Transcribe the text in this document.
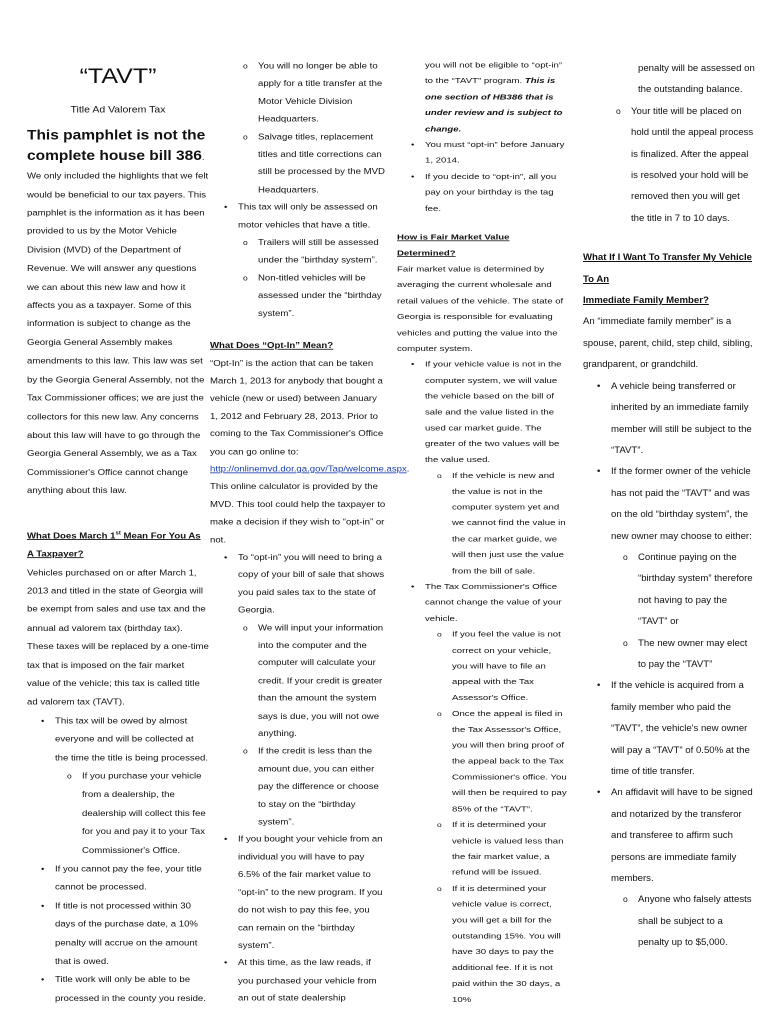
“TAVT”

Title Ad Valorem Tax

This pamphlet is not the complete house bill 386. We only included the highlights that we felt would be beneficial to our tax payers. This pamphlet is the information as it has been provided to us by the Motor Vehicle Division (MVD) of the Department of Revenue. We will answer any questions we can about this new law and how it affects you as a taxpayer. Some of this information is subject to change as the Georgia General Assembly makes amendments to this law. This law was set by the Georgia General Assembly, not the Tax Commissioner offices; we are just the collectors for this new law. Any concerns about this law will have to go through the Georgia General Assembly, we as a Tax Commissioner's Office cannot change anything about this law.

What Does March 1st Mean For You As A Taxpayer?

Vehicles purchased on or after March 1, 2013 and titled in the state of Georgia will be exempt from sales and use tax and the annual ad valorem tax (birthday tax). These taxes will be replaced by a one-time tax that is imposed on the fair market value of the vehicle; this tax is called title ad valorem tax (TAVT).

• This tax will be owed by almost everyone and will be collected at the time the title is being processed.

o If you purchase your vehicle from a dealership, the dealership will collect this fee for you and pay it to your Tax Commissioner's Office.

• If you cannot pay the fee, your title cannot be processed.

• If title is not processed within 30 days of the purchase date, a 10% penalty will accrue on the amount that is owed.

• Title work will only be able to be processed in the county you reside.

o You will no longer be able to apply for a title transfer at the Motor Vehicle Division Headquarters.

o Salvage titles, replacement titles and title corrections can still be processed by the MVD Headquarters.

• This tax will only be assessed on motor vehicles that have a title.

o Trailers will still be assessed under the “birthday system”.

o Non-titled vehicles will be assessed under the “birthday system”.

What Does “Opt-In” Mean?

“Opt-In” is the action that can be taken March 1, 2013 for anybody that bought a vehicle (new or used) between January 1, 2012 and February 28, 2013. Prior to coming to the Tax Commissioner's Office you can go online to: http://onlinemvd.dor.ga.gov/Tap/welcome.aspx. This online calculator is provided by the MVD. This tool could help the taxpayer to make a decision if they wish to “opt-in” or not.

• To “opt-in” you will need to bring a copy of your bill of sale that shows you paid sales tax to the state of Georgia.

o We will input your information into the computer and the computer will calculate your credit. If your credit is greater than the amount the system says is due, you will not owe anything.

o If the credit is less than the amount due, you can either pay the difference or choose to stay on the “birthday system”.

• If you bought your vehicle from an individual you will have to pay 6.5% of the fair market value to “opt-in” to the new program. If you do not wish to pay this fee, you can remain on the “birthday system”.

• At this time, as the law reads, if you purchased your vehicle from an out of state dealership

you will not be eligible to “opt-in” to the “TAVT” program. This is one section of HB386 that is under review and is subject to change.

• You must “opt-in” before January 1, 2014.

• If you decide to “opt-in”, all you pay on your birthday is the tag fee.

How is Fair Market Value Determined?

Fair market value is determined by averaging the current wholesale and retail values of the vehicle. The state of Georgia is responsible for evaluating vehicles and putting the value into the computer system.

• If your vehicle value is not in the computer system, we will value the vehicle based on the bill of sale and the value listed in the used car market guide. The greater of the two values will be the value used.

o If the vehicle is new and the value is not in the computer system yet and we cannot find the value in the car market guide, we will then just use the value from the bill of sale.

• The Tax Commissioner's Office cannot change the value of your vehicle.

o If you feel the value is not correct on your vehicle, you will have to file an appeal with the Tax Assessor's Office.

o Once the appeal is filed in the Tax Assessor's Office, you will then bring proof of the appeal back to the Tax Commissioner's office. You will then be required to pay 85% of the “TAVT”.

o If it is determined your vehicle is valued less than the fair market value, a refund will be issued.

o If it is determined your vehicle value is correct, you will get a bill for the outstanding 15%. You will have 30 days to pay the additional fee. If it is not paid within the 30 days, a 10%

penalty will be assessed on the outstanding balance.

o Your title will be placed on hold until the appeal process is finalized. After the appeal is resolved your hold will be removed then you will get the title in 7 to 10 days.

What If I Want To Transfer My Vehicle To An

Immediate Family Member?

An “immediate family member” is a spouse, parent, child, step child, sibling, grandparent, or grandchild.

• A vehicle being transferred or inherited by an immediate family member will still be subject to the “TAVT”.

• If the former owner of the vehicle has not paid the “TAVT” and was on the old “birthday system”, the new owner may choose to either:

o Continue paying on the “birthday system” therefore not having to pay the “TAVT” or

o The new owner may elect to pay the “TAVT”

• If the vehicle is acquired from a family member who paid the “TAVT”, the vehicle's new owner will pay a “TAVT” of 0.50% at the time of title transfer.

• An affidavit will have to be signed and notarized by the transferor and transferee to affirm such persons are immediate family members.

o Anyone who falsely attests shall be subject to a penalty up to $5,000.
